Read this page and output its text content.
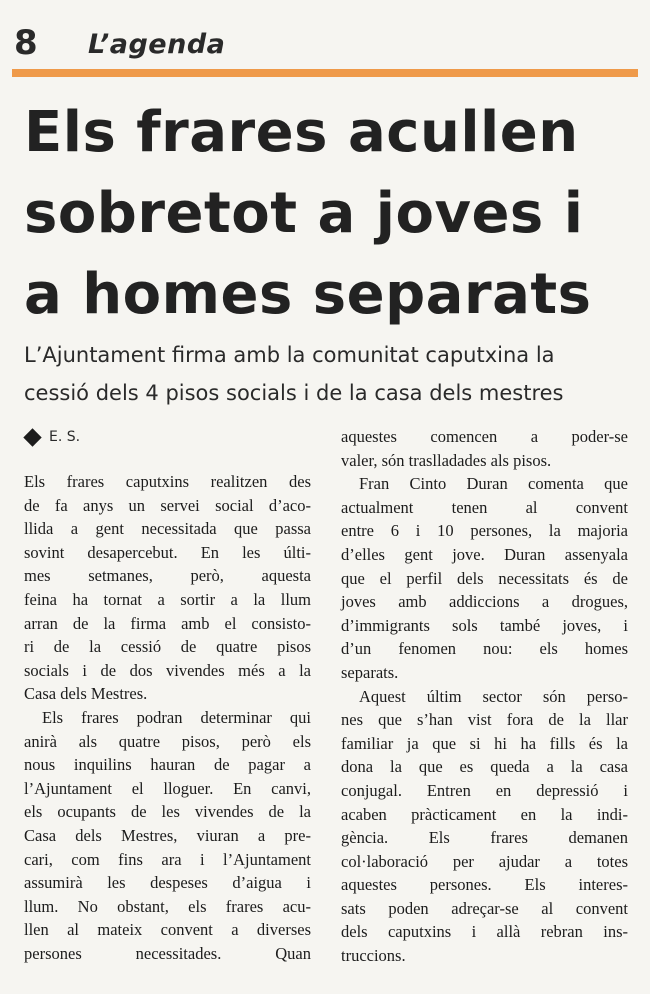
8 L’agenda
Els frares acullen
sobretot a joves i
a homes separats

L’Ajuntament firma amb la comunitat caputxina la
cessió dels 4 pisos socials i de la casa dels mestres

E. S.
Els frares caputxins realitzen des
de fa anys un servei social d’aco-
llida a gent necessitada que passa
sovint desapercebut. En les últi-
mes setmanes, però, aquesta
feina ha tornat a sortir a la llum
arran de la firma amb el consisto-
ri de la cessió de quatre pisos
socials i de dos vivendes més a la
Casa dels Mestres.
Els frares podran determinar qui
anirà als quatre pisos, però els
nous inquilins hauran de pagar a
l’Ajuntament el lloguer. En canvi,
els ocupants de les vivendes de la
Casa dels Mestres, viuran a pre-
cari, com fins ara i l’Ajuntament
assumirà les despeses d’aigua i
llum. No obstant, els frares acu-
llen al mateix convent a diverses
persones necessitades. Quan
aquestes comencen a poder-se
valer, són traslladades als pisos.
Fran Cinto Duran comenta que
actualment tenen al convent
entre 6 i 10 persones, la majoria
d’elles gent jove. Duran assenyala
que el perfil dels necessitats és de
joves amb addiccions a drogues,
d’immigrants sols també joves, i
d’un fenomen nou: els homes
separats.
Aquest últim sector són perso-
nes que s’han vist fora de la llar
familiar ja que si hi ha fills és la
dona la que es queda a la casa
conjugal. Entren en depressió i
acaben pràcticament en la indi-
gència. Els frares demanen
col·laboració per ajudar a totes
aquestes persones. Els interes-
sats poden adreçar-se al convent
dels caputxins i allà rebran ins-
truccions.
